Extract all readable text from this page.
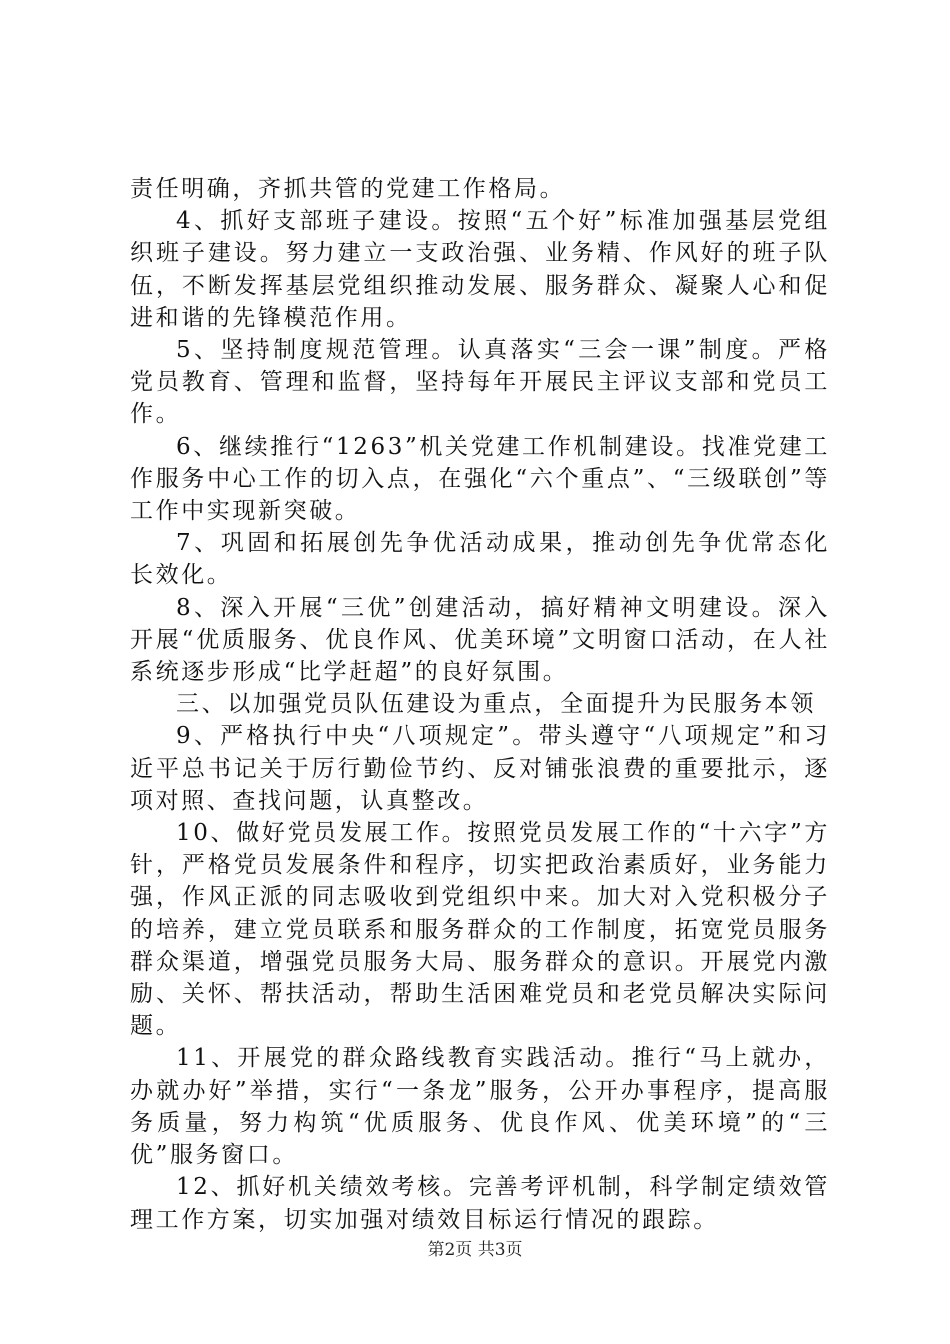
责任明确，齐抓共管的党建工作格局。

4、抓好支部班子建设。按照“五个好”标准加强基层党组织班子建设。努力建立一支政治强、业务精、作风好的班子队伍，不断发挥基层党组织推动发展、服务群众、凝聚人心和促进和谐的先锋模范作用。

5、坚持制度规范管理。认真落实“三会一课”制度。严格党员教育、管理和监督，坚持每年开展民主评议支部和党员工作。

6、继续推行“1263”机关党建工作机制建设。找准党建工作服务中心工作的切入点，在强化“六个重点”、“三级联创”等工作中实现新突破。

7、巩固和拓展创先争优活动成果，推动创先争优常态化长效化。

8、深入开展“三优”创建活动，搞好精神文明建设。深入开展“优质服务、优良作风、优美环境”文明窗口活动，在人社系统逐步形成“比学赶超”的良好氛围。

三、以加强党员队伍建设为重点，全面提升为民服务本领

9、严格执行中央“八项规定”。带头遵守“八项规定”和习近平总书记关于厉行勤俭节约、反对铺张浪费的重要批示，逐项对照、查找问题，认真整改。

10、做好党员发展工作。按照党员发展工作的“十六字”方针，严格党员发展条件和程序，切实把政治素质好，业务能力强，作风正派的同志吸收到党组织中来。加大对入党积极分子的培养，建立党员联系和服务群众的工作制度，拓宽党员服务群众渠道，增强党员服务大局、服务群众的意识。开展党内激励、关怀、帮扶活动，帮助生活困难党员和老党员解决实际问题。

11、开展党的群众路线教育实践活动。推行“马上就办，办就办好”举措，实行“一条龙”服务，公开办事程序，提高服务质量，努力构筑“优质服务、优良作风、优美环境”的“三优”服务窗口。

12、抓好机关绩效考核。完善考评机制，科学制定绩效管理工作方案，切实加强对绩效目标运行情况的跟踪。

第2页 共3页
